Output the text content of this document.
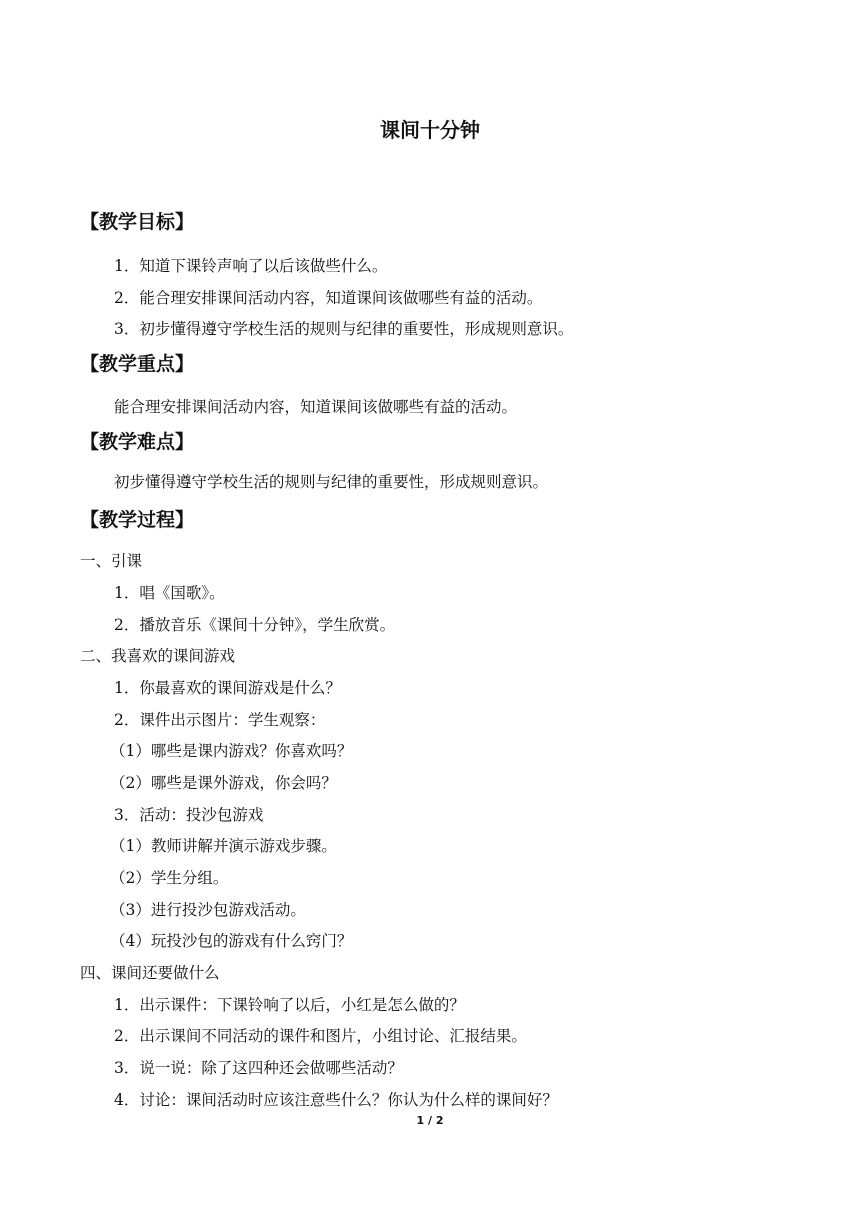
课间十分钟
【教学目标】
1．知道下课铃声响了以后该做些什么。
2．能合理安排课间活动内容，知道课间该做哪些有益的活动。
3．初步懂得遵守学校生活的规则与纪律的重要性，形成规则意识。
【教学重点】
能合理安排课间活动内容，知道课间该做哪些有益的活动。
【教学难点】
初步懂得遵守学校生活的规则与纪律的重要性，形成规则意识。
【教学过程】
一、引课
1．唱《国歌》。
2．播放音乐《课间十分钟》，学生欣赏。
二、我喜欢的课间游戏
1．你最喜欢的课间游戏是什么？
2．课件出示图片：学生观察：
（1）哪些是课内游戏？你喜欢吗？
（2）哪些是课外游戏，你会吗？
3．活动：投沙包游戏
（1）教师讲解并演示游戏步骤。
（2）学生分组。
（3）进行投沙包游戏活动。
（4）玩投沙包的游戏有什么窍门？
四、课间还要做什么
1．出示课件：下课铃响了以后，小红是怎么做的？
2．出示课间不同活动的课件和图片，小组讨论、汇报结果。
3．说一说：除了这四种还会做哪些活动？
4．讨论：课间活动时应该注意些什么？你认为什么样的课间好？
1 / 2
